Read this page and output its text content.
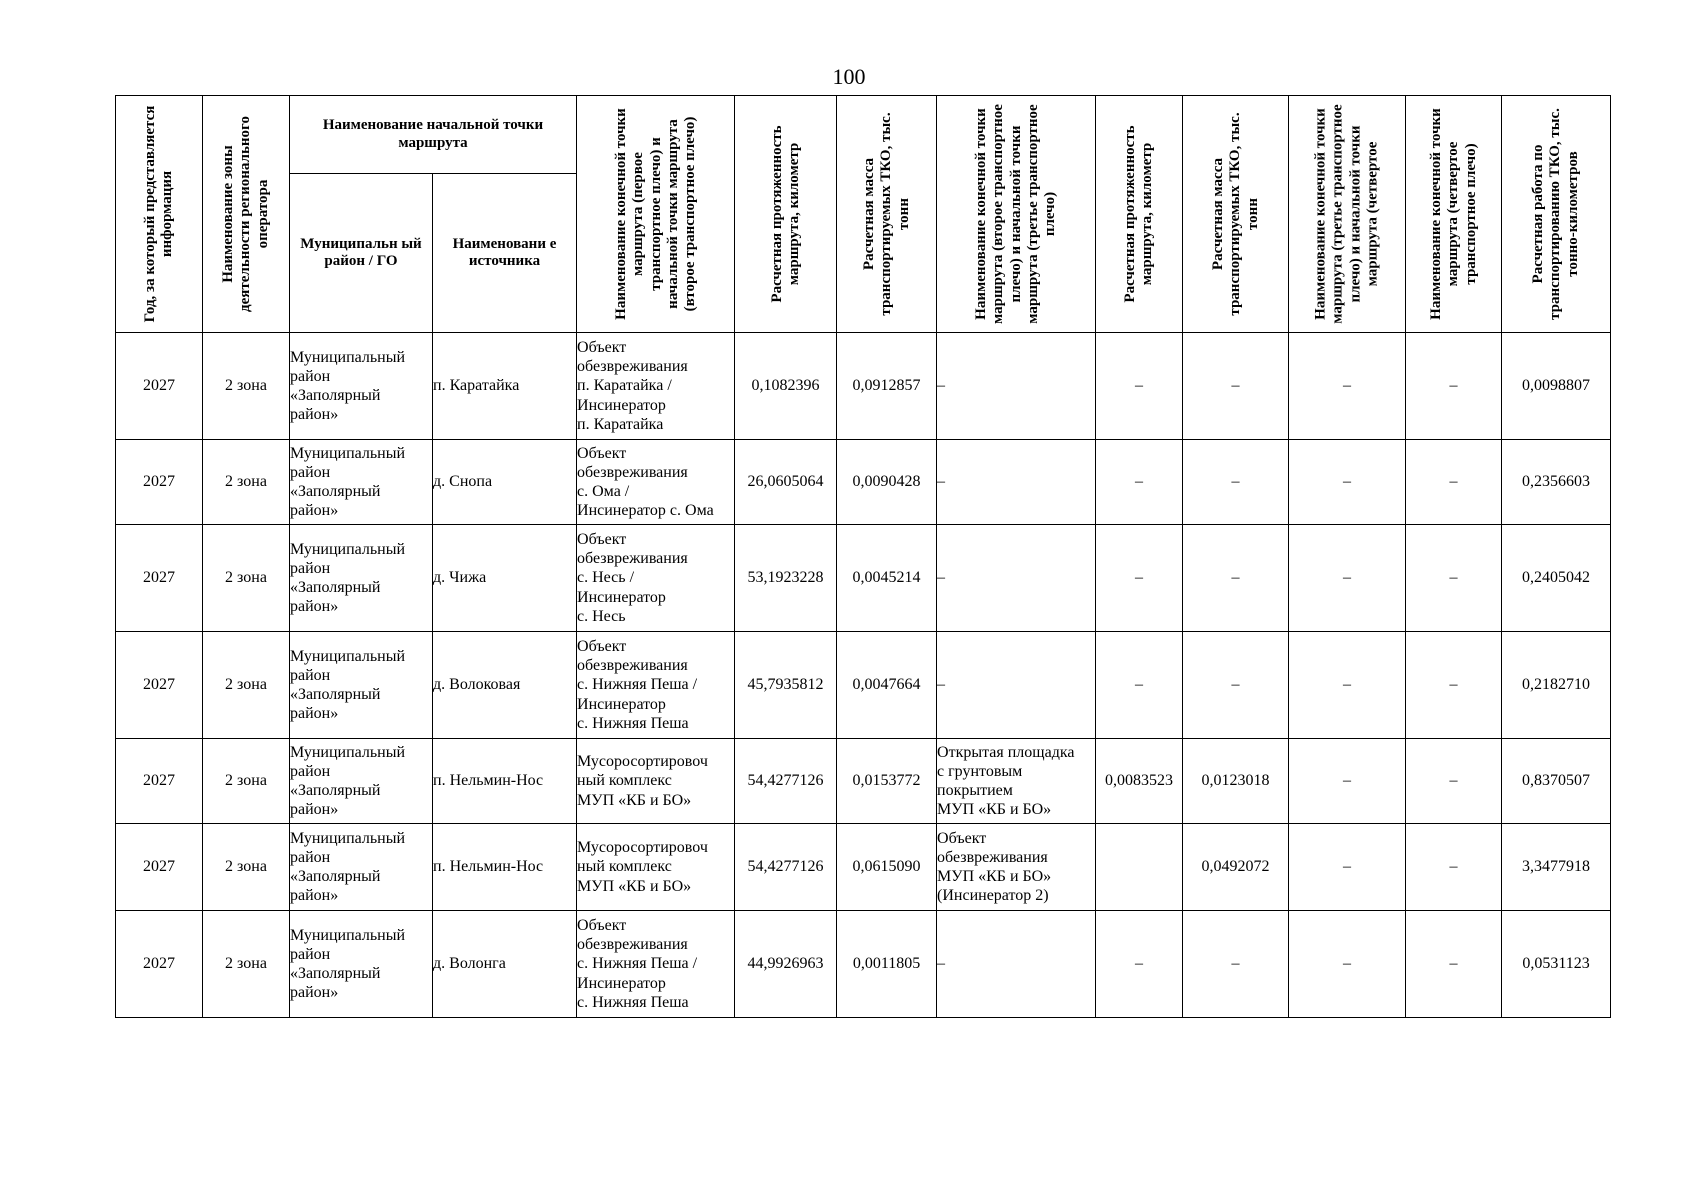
100
Год, за который представляется информация	Наименование зоны деятельности регионального оператора	Наименование начальной точки маршрута		Наименование конечной точки маршрута (первое транспортное плечо) и начальной точки маршрута (второе транспортное плечо)	Расчетная протяженность маршрута, километр	Расчетная масса транспортируемых ТКО, тыс. тонн	Наименование конечной точки маршрута (второе транспортное плечо) и начальной точки маршрута (третье транспортное плечо)	Расчетная протяженность маршрута, километр	Расчетная масса транспортируемых ТКО, тыс. тонн	Наименование конечной точки маршрута (третье транспортное плечо) и начальной точки маршрута (четвертое	Наименование конечной точки маршрута (четвертое транспортное плечо)	Расчетная работа по транспортированию ТКО, тыс. тонно-километров

		Муниципальн ый район / ГО	Наименовани е источника									
2027	2 зона	Муниципальный
район
«Заполярный
район»	п. Каратайка	Объект
обезвреживания
п. Каратайка /
Инсинератор
п. Каратайка	0,1082396	0,0912857	–	–	–	–	–	0,0098807
2027	2 зона	Муниципальный
район
«Заполярный
район»	д. Снопа	Объект
обезвреживания
с. Ома /
Инсинератор с. Ома	26,0605064	0,0090428	–	–	–	–	–	0,2356603
2027	2 зона	Муниципальный
район
«Заполярный
район»	д. Чижа	Объект
обезвреживания
с. Несь /
Инсинератор
с. Несь	53,1923228	0,0045214	–	–	–	–	–	0,2405042
2027	2 зона	Муниципальный
район
«Заполярный
район»	д. Волоковая	Объект
обезвреживания
с. Нижняя Пеша /
Инсинератор
с. Нижняя Пеша	45,7935812	0,0047664	–	–	–	–	–	0,2182710
2027	2 зона	Муниципальный
район
«Заполярный
район»	п. Нельмин-Нос	Мусоросортировоч
ный комплекс
МУП «КБ и БО»	54,4277126	0,0153772	Открытая площадка
с грунтовым
покрытием
МУП «КБ и БО»	0,0083523	0,0123018	–	–	0,8370507
2027	2 зона	Муниципальный
район
«Заполярный
район»	п. Нельмин-Нос	Мусоросортировоч
ный комплекс
МУП «КБ и БО»	54,4277126	0,0615090	Объект
обезвреживания
МУП «КБ и БО»
(Инсинератор 2)		0,0492072	–	–	3,3477918
2027	2 зона	Муниципальный
район
«Заполярный
район»	д. Волонга	Объект
обезвреживания
с. Нижняя Пеша /
Инсинератор
с. Нижняя Пеша	44,9926963	0,0011805	–	–	–	–	–	0,0531123
